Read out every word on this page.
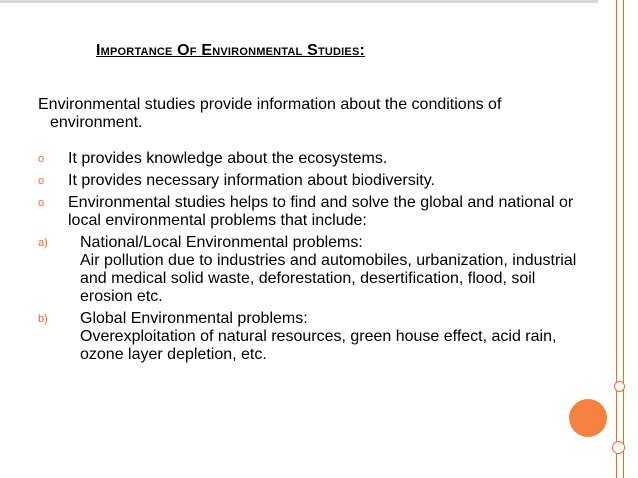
Importance Of Environmental Studies:

Environmental studies provide information about the conditions of environment.

o	It provides knowledge about the ecosystems.
o	It provides necessary information about biodiversity.
o	Environmental studies helps to find and solve the global and national or local environmental problems that include:
a)	National/Local Environmental problems:
Air pollution due to industries and automobiles, urbanization, industrial and medical solid waste, deforestation, desertification, flood, soil erosion etc.
b)	Global Environmental problems:
Overexploitation of natural resources, green house effect, acid rain, ozone layer depletion, etc.
